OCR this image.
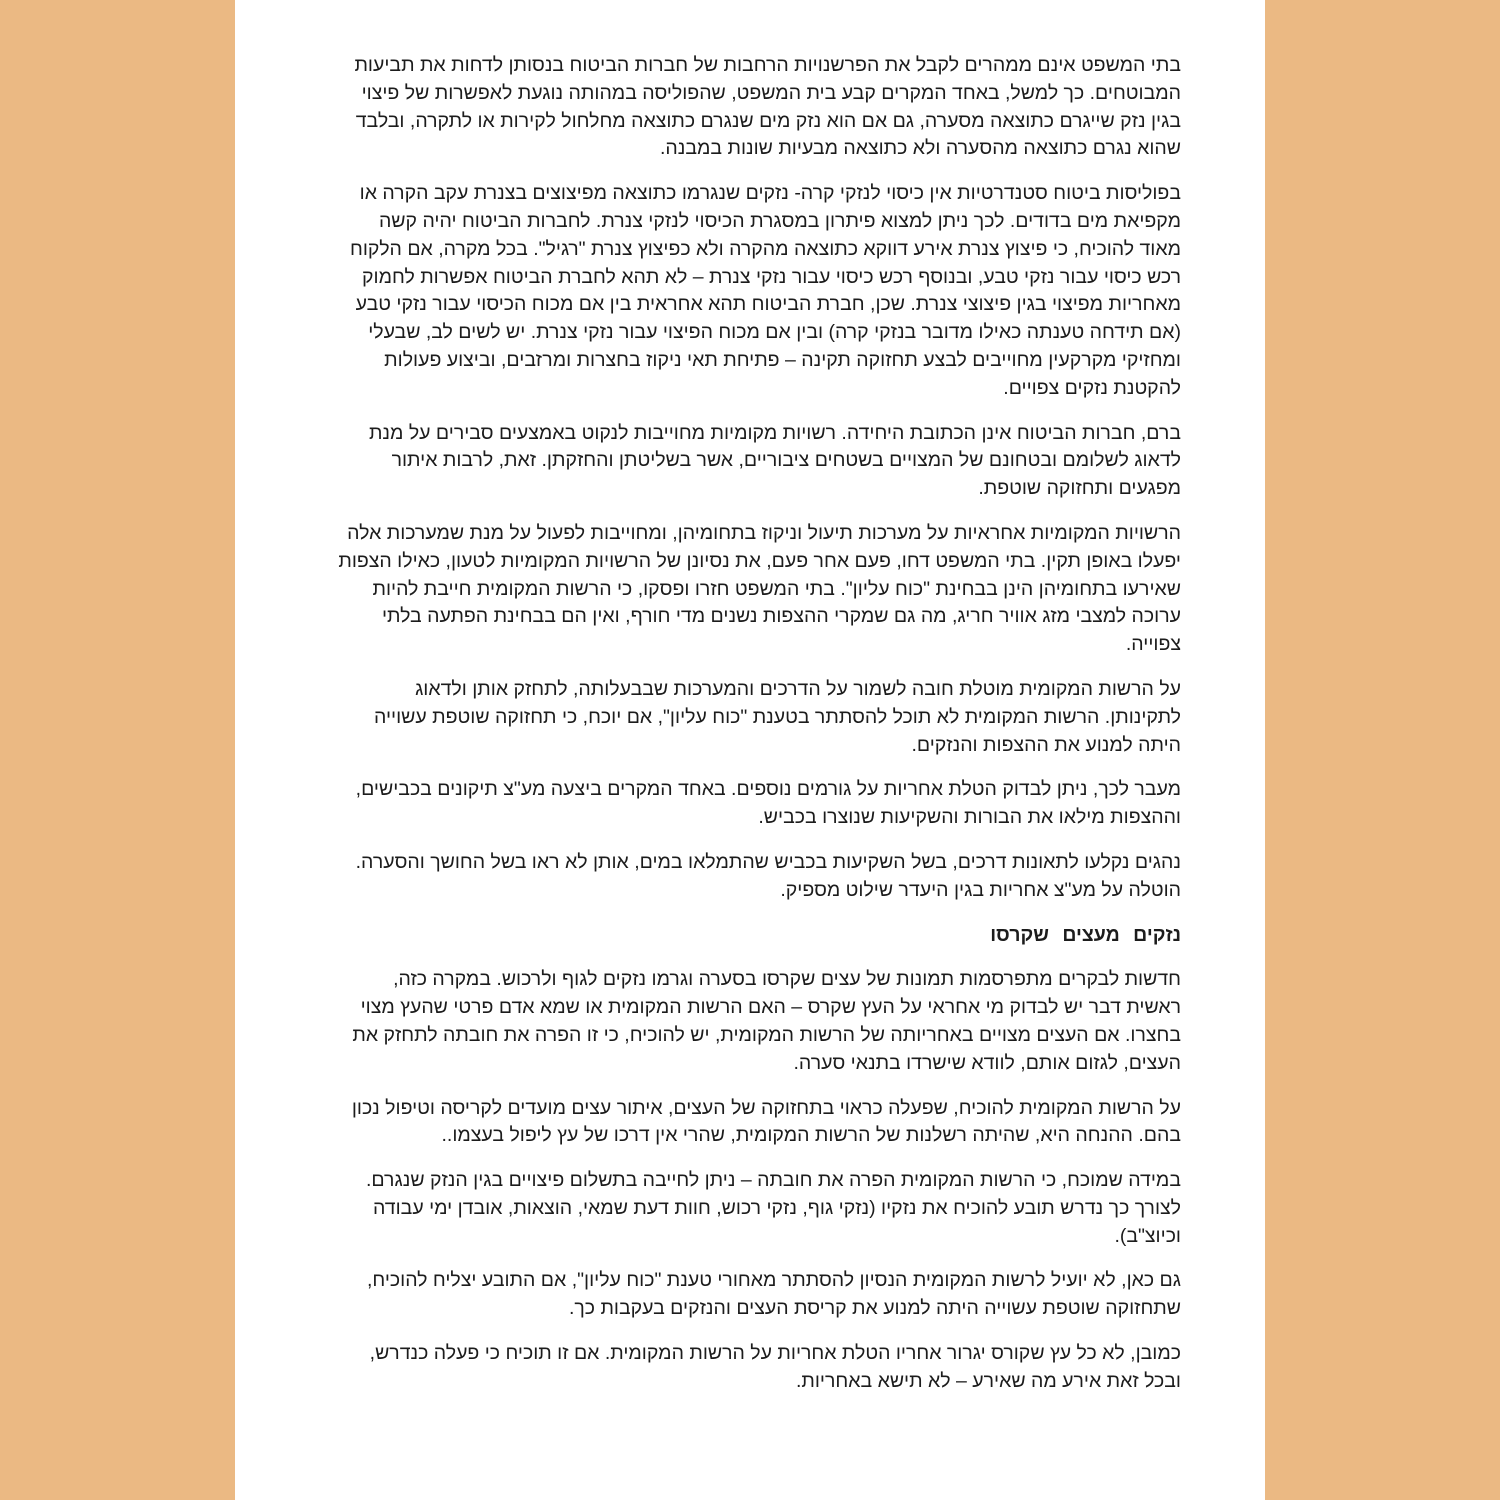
בתי המשפט אינם ממהרים לקבל את הפרשנויות הרחבות של חברות הביטוח בנסותן לדחות את תביעות המבוטחים. כך למשל, באחד המקרים קבע בית המשפט, שהפוליסה במהותה נוגעת לאפשרות של פיצוי בגין נזק שייגרם כתוצאה מסערה, גם אם הוא נזק מים שנגרם כתוצאה מחלחול לקירות או לתקרה, ובלבד שהוא נגרם כתוצאה מהסערה ולא כתוצאה מבעיות שונות במבנה.

בפוליסות ביטוח סטנדרטיות אין כיסוי לנזקי קרה- נזקים שנגרמו כתוצאה מפיצוצים בצנרת עקב הקרה או מקפיאת מים בדודים. לכך ניתן למצוא פיתרון במסגרת הכיסוי לנזקי צנרת. לחברות הביטוח יהיה קשה מאוד להוכיח, כי פיצוץ צנרת אירע דווקא כתוצאה מהקרה ולא כפיצוץ צנרת "רגיל". בכל מקרה, אם הלקוח רכש כיסוי עבור נזקי טבע, ובנוסף רכש כיסוי עבור נזקי צנרת – לא תהא לחברת הביטוח אפשרות לחמוק מאחריות מפיצוי בגין פיצוצי צנרת. שכן, חברת הביטוח תהא אחראית בין אם מכוח הכיסוי עבור נזקי טבע (אם תידחה טענתה כאילו מדובר בנזקי קרה) ובין אם מכוח הפיצוי עבור נזקי צנרת. יש לשים לב, שבעלי ומחזיקי מקרקעין מחוייבים לבצע תחזוקה תקינה – פתיחת תאי ניקוז בחצרות ומרזבים, וביצוע פעולות להקטנת נזקים צפויים.

ברם, חברות הביטוח אינן הכתובת היחידה. רשויות מקומיות מחוייבות לנקוט באמצעים סבירים על מנת לדאוג לשלומם ובטחונם של המצויים בשטחים ציבוריים, אשר בשליטתן והחזקתן. זאת, לרבות איתור מפגעים ותחזוקה שוטפת.

הרשויות המקומיות אחראיות על מערכות תיעול וניקוז בתחומיהן, ומחוייבות לפעול על מנת שמערכות אלה יפעלו באופן תקין. בתי המשפט דחו, פעם אחר פעם, את נסיונן של הרשויות המקומיות לטעון, כאילו הצפות שאירעו בתחומיהן הינן בבחינת "כוח עליון". בתי המשפט חזרו ופסקו, כי הרשות המקומית חייבת להיות ערוכה למצבי מזג אוויר חריג, מה גם שמקרי ההצפות נשנים מדי חורף, ואין הם בבחינת הפתעה בלתי צפוייה.

על הרשות המקומית מוטלת חובה לשמור על הדרכים והמערכות שבבעלותה, לתחזק אותן ולדאוג לתקינותן. הרשות המקומית לא תוכל להסתתר בטענת "כוח עליון", אם יוכח, כי תחזוקה שוטפת עשוייה היתה למנוע את ההצפות והנזקים.

מעבר לכך, ניתן לבדוק הטלת אחריות על גורמים נוספים. באחד המקרים ביצעה מע"צ תיקונים בכבישים, וההצפות מילאו את הבורות והשקיעות שנוצרו בכביש.

נהגים נקלעו לתאונות דרכים, בשל השקיעות בכביש שהתמלאו במים, אותן לא ראו בשל החושך והסערה. הוטלה על מע"צ אחריות בגין היעדר שילוט מספיק.

נזקים מעצים שקרסו

חדשות לבקרים מתפרסמות תמונות של עצים שקרסו בסערה וגרמו נזקים לגוף ולרכוש. במקרה כזה, ראשית דבר יש לבדוק מי אחראי על העץ שקרס – האם הרשות המקומית או שמא אדם פרטי שהעץ מצוי בחצרו. אם העצים מצויים באחריותה של הרשות המקומית, יש להוכיח, כי זו הפרה את חובתה לתחזק את העצים, לגזום אותם, לוודא שישרדו בתנאי סערה.

על הרשות המקומית להוכיח, שפעלה כראוי בתחזוקה של העצים, איתור עצים מועדים לקריסה וטיפול נכון בהם. ההנחה היא, שהיתה רשלנות של הרשות המקומית, שהרי אין דרכו של עץ ליפול בעצמו..

במידה שמוכח, כי הרשות המקומית הפרה את חובתה – ניתן לחייבה בתשלום פיצויים בגין הנזק שנגרם. לצורך כך נדרש תובע להוכיח את נזקיו (נזקי גוף, נזקי רכוש, חוות דעת שמאי, הוצאות, אובדן ימי עבודה וכיוצ"ב).

גם כאן, לא יועיל לרשות המקומית הנסיון להסתתר מאחורי טענת "כוח עליון", אם התובע יצליח להוכיח, שתחזוקה שוטפת עשוייה היתה למנוע את קריסת העצים והנזקים בעקבות כך.

כמובן, לא כל עץ שקורס יגרור אחריו הטלת אחריות על הרשות המקומית. אם זו תוכיח כי פעלה כנדרש, ובכל זאת אירע מה שאירע – לא תישא באחריות.
